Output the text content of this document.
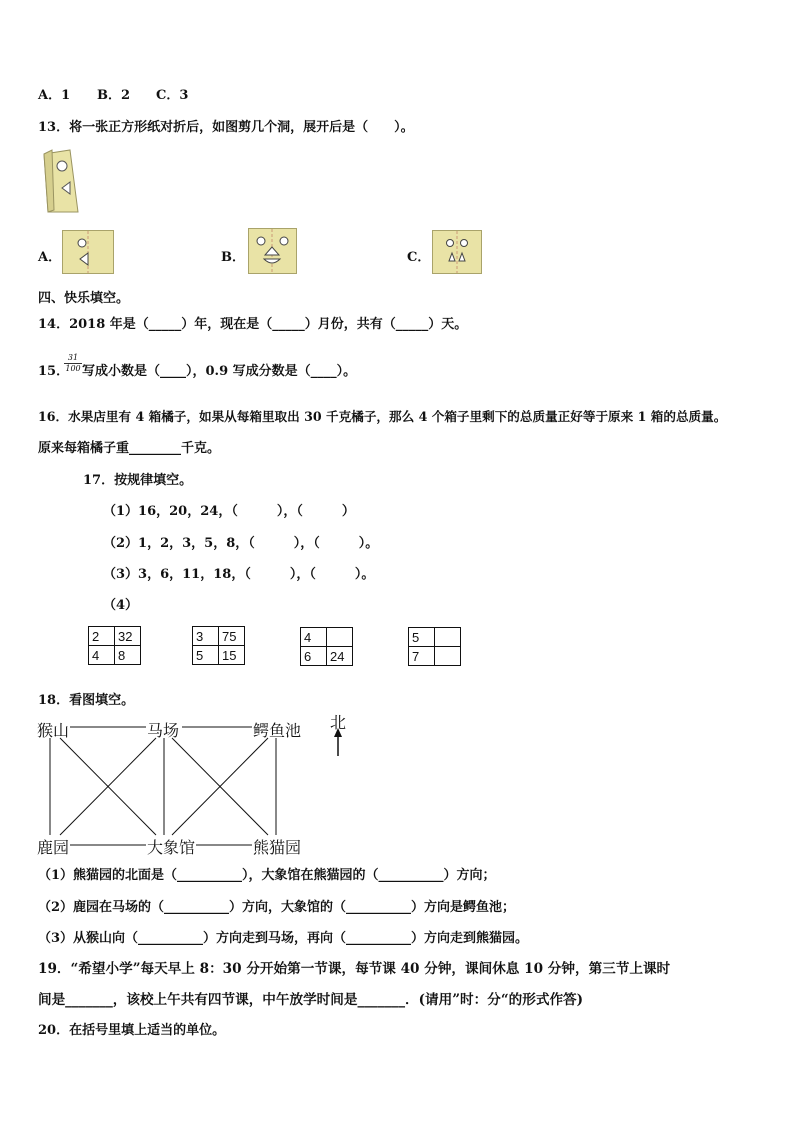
A．1 B．2 C．3
13．将一张正方形纸对折后，如图剪几个洞，展开后是（　　）。
A．	B．	C．
四、快乐填空。
14．2018 年是（_____）年，现在是（_____）月份，共有（_____）天。
15．
$\frac{31}{100}$ 写成小数是（____），0.9 写成分数是（____）。
16．水果店里有 4 箱橘子，如果从每箱里取出 30 千克橘子，那么 4 个箱子里剩下的总质量正好等于原来 1 箱的总质量。
原来每箱橘子重________千克。
17．按规律填空。
（1）16，20，24，（　　　），（　　　）
（2）1，2，3，5，8，（　　　），（　　　）。
（3）3，6，11，18，（　　　），（　　　）。
（4）
2	32
4	8
3	75
5	15
4	
6	24
5	
7	
18．看图填空。
猴山	马场	鳄鱼池
鹿园	大象馆	熊猫园
北
（1）熊猫园的北面是（__________），大象馆在熊猫园的（__________）方向；
（2）鹿园在马场的（__________）方向，大象馆的（__________）方向是鳄鱼池；
（3）从猴山向（__________）方向走到马场，再向（__________）方向走到熊猫园。
19．“希望小学”每天早上 8：30 分开始第一节课，每节课 40 分钟，课间休息 10 分钟，第三节上课时
间是_______，该校上午共有四节课，中午放学时间是_______．(请用”时：分“的形式作答)
20．在括号里填上适当的单位。
